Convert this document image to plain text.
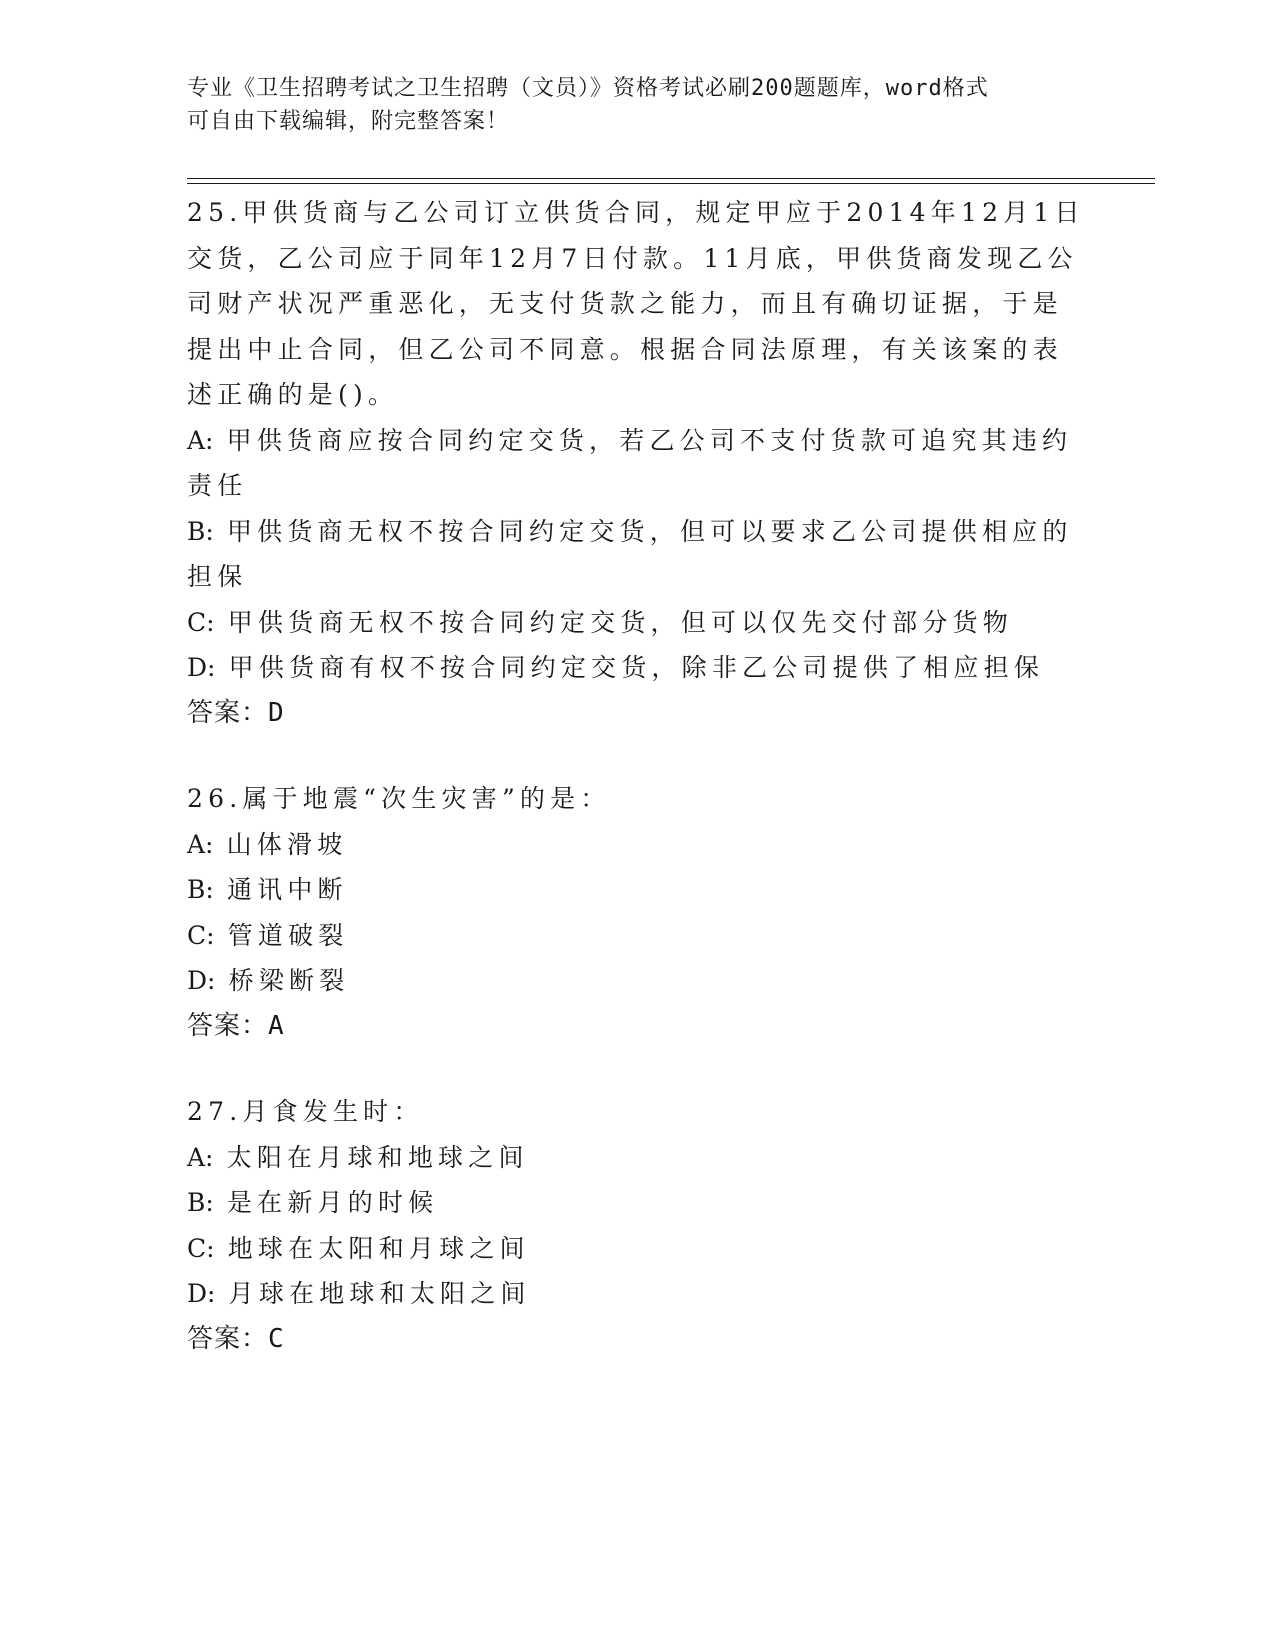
专业《卫生招聘考试之卫生招聘（文员）》资格考试必刷200题题库，word格式
可自由下载编辑，附完整答案！
25.甲供货商与乙公司订立供货合同，规定甲应于2014年12月1日交货，乙公司应于同年12月7日付款。11月底，甲供货商发现乙公司财产状况严重恶化，无支付货款之能力，而且有确切证据，于是提出中止合同，但乙公司不同意。根据合同法原理，有关该案的表述正确的是()。
A: 甲供货商应按合同约定交货，若乙公司不支付货款可追究其违约责任
B: 甲供货商无权不按合同约定交货，但可以要求乙公司提供相应的担保
C: 甲供货商无权不按合同约定交货，但可以仅先交付部分货物
D: 甲供货商有权不按合同约定交货，除非乙公司提供了相应担保
答案：D
26.属于地震“次生灾害”的是：
A: 山体滑坡
B: 通讯中断
C: 管道破裂
D: 桥梁断裂
答案：A
27.月食发生时：
A: 太阳在月球和地球之间
B: 是在新月的时候
C: 地球在太阳和月球之间
D: 月球在地球和太阳之间
答案：C
